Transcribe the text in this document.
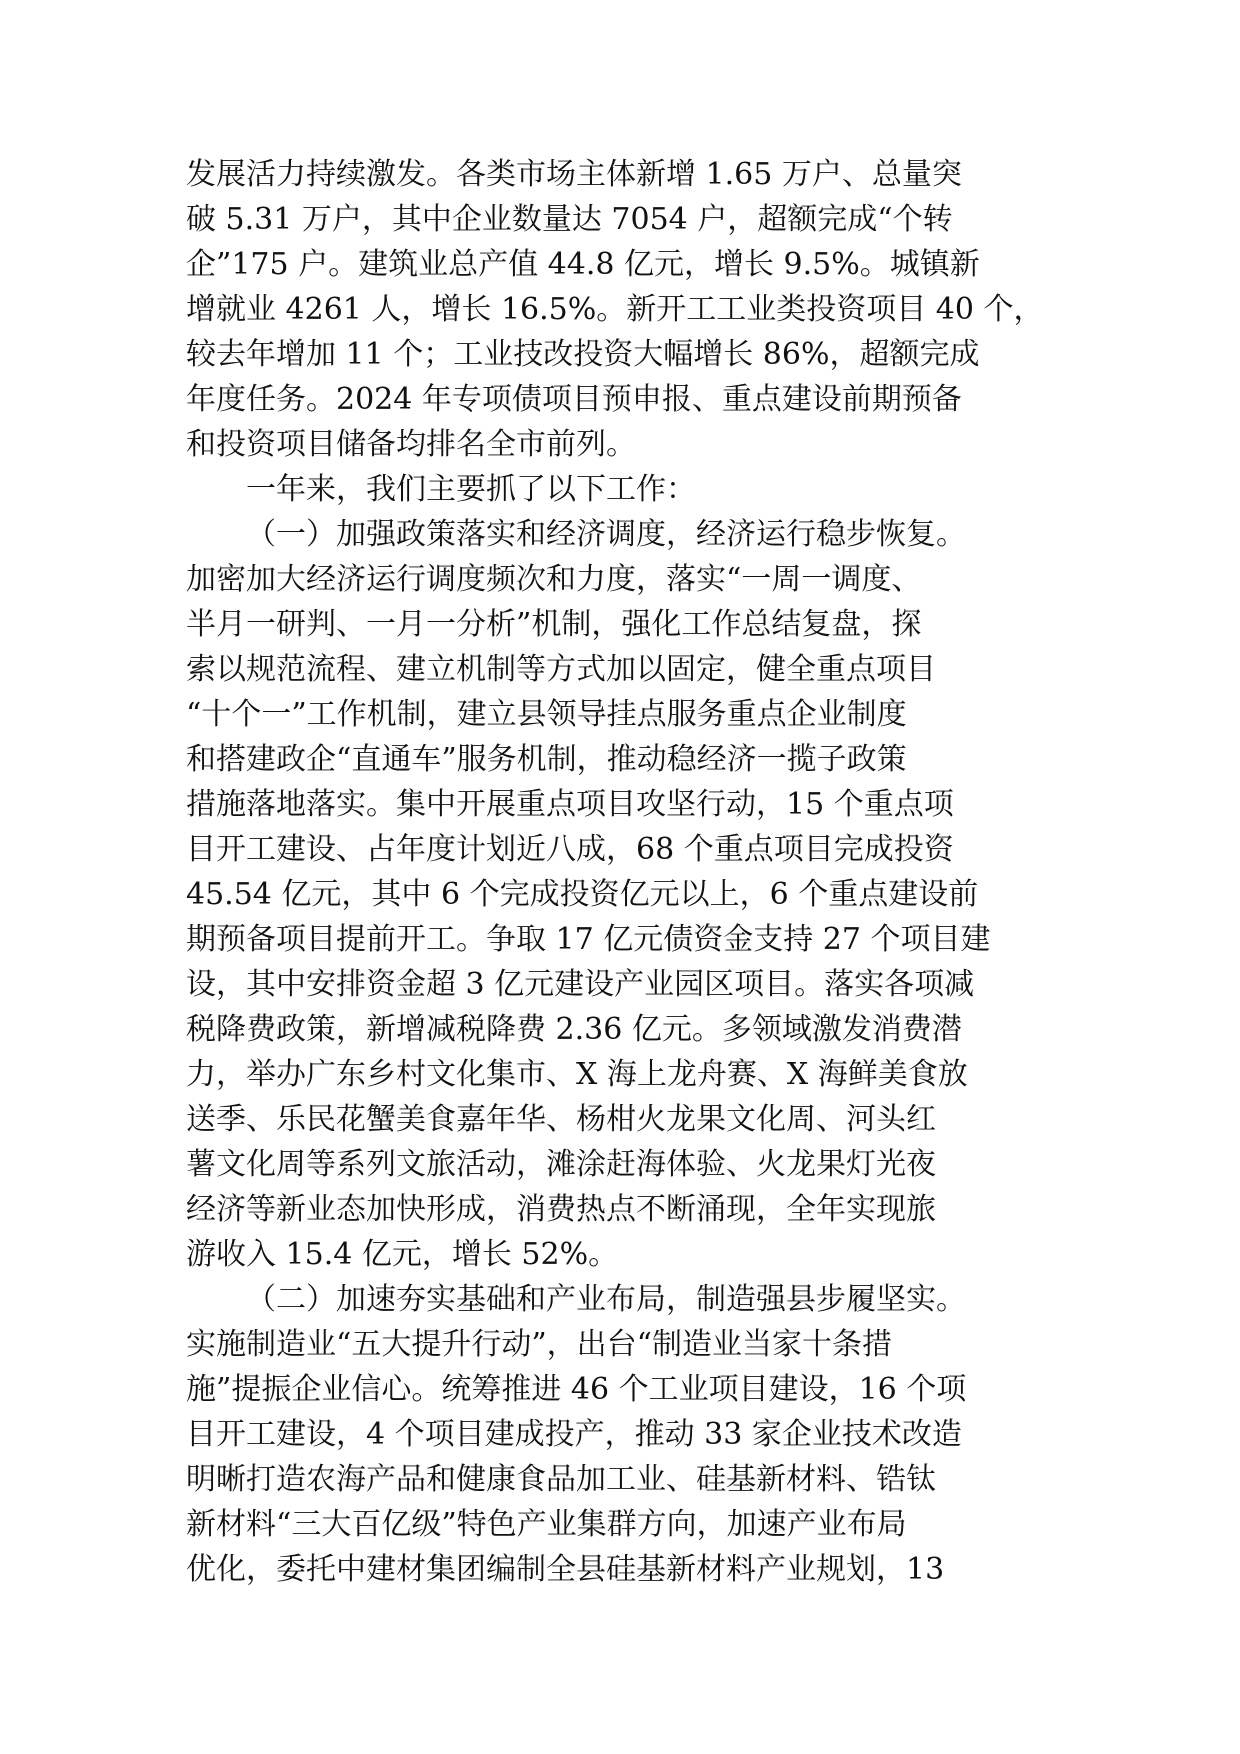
发展活力持续激发。各类市场主体新增 1.65 万户、总量突
破 5.31 万户，其中企业数量达 7054 户，超额完成“个转
企”175 户。建筑业总产值 44.8 亿元，增长 9.5%。城镇新
增就业 4261 人，增长 16.5%。新开工工业类投资项目 40 个，
较去年增加 11 个；工业技改投资大幅增长 86%，超额完成
年度任务。2024 年专项债项目预申报、重点建设前期预备
和投资项目储备均排名全市前列。
一年来，我们主要抓了以下工作：
（一）加强政策落实和经济调度，经济运行稳步恢复。
加密加大经济运行调度频次和力度，落实“一周一调度、
半月一研判、一月一分析”机制，强化工作总结复盘，探
索以规范流程、建立机制等方式加以固定，健全重点项目
“十个一”工作机制，建立县领导挂点服务重点企业制度
和搭建政企“直通车”服务机制，推动稳经济一揽子政策
措施落地落实。集中开展重点项目攻坚行动，15 个重点项
目开工建设、占年度计划近八成，68 个重点项目完成投资
45.54 亿元，其中 6 个完成投资亿元以上，6 个重点建设前
期预备项目提前开工。争取 17 亿元债资金支持 27 个项目建
设，其中安排资金超 3 亿元建设产业园区项目。落实各项减
税降费政策，新增减税降费 2.36 亿元。多领域激发消费潜
力，举办广东乡村文化集市、X 海上龙舟赛、X 海鲜美食放
送季、乐民花蟹美食嘉年华、杨柑火龙果文化周、河头红
薯文化周等系列文旅活动，滩涂赶海体验、火龙果灯光夜
经济等新业态加快形成，消费热点不断涌现，全年实现旅
游收入 15.4 亿元，增长 52%。
（二）加速夯实基础和产业布局，制造强县步履坚实。
实施制造业“五大提升行动”，出台“制造业当家十条措
施”提振企业信心。统筹推进 46 个工业项目建设，16 个项
目开工建设，4 个项目建成投产，推动 33 家企业技术改造
明晰打造农海产品和健康食品加工业、硅基新材料、锆钛
新材料“三大百亿级”特色产业集群方向，加速产业布局
优化，委托中建材集团编制全县硅基新材料产业规划，13
